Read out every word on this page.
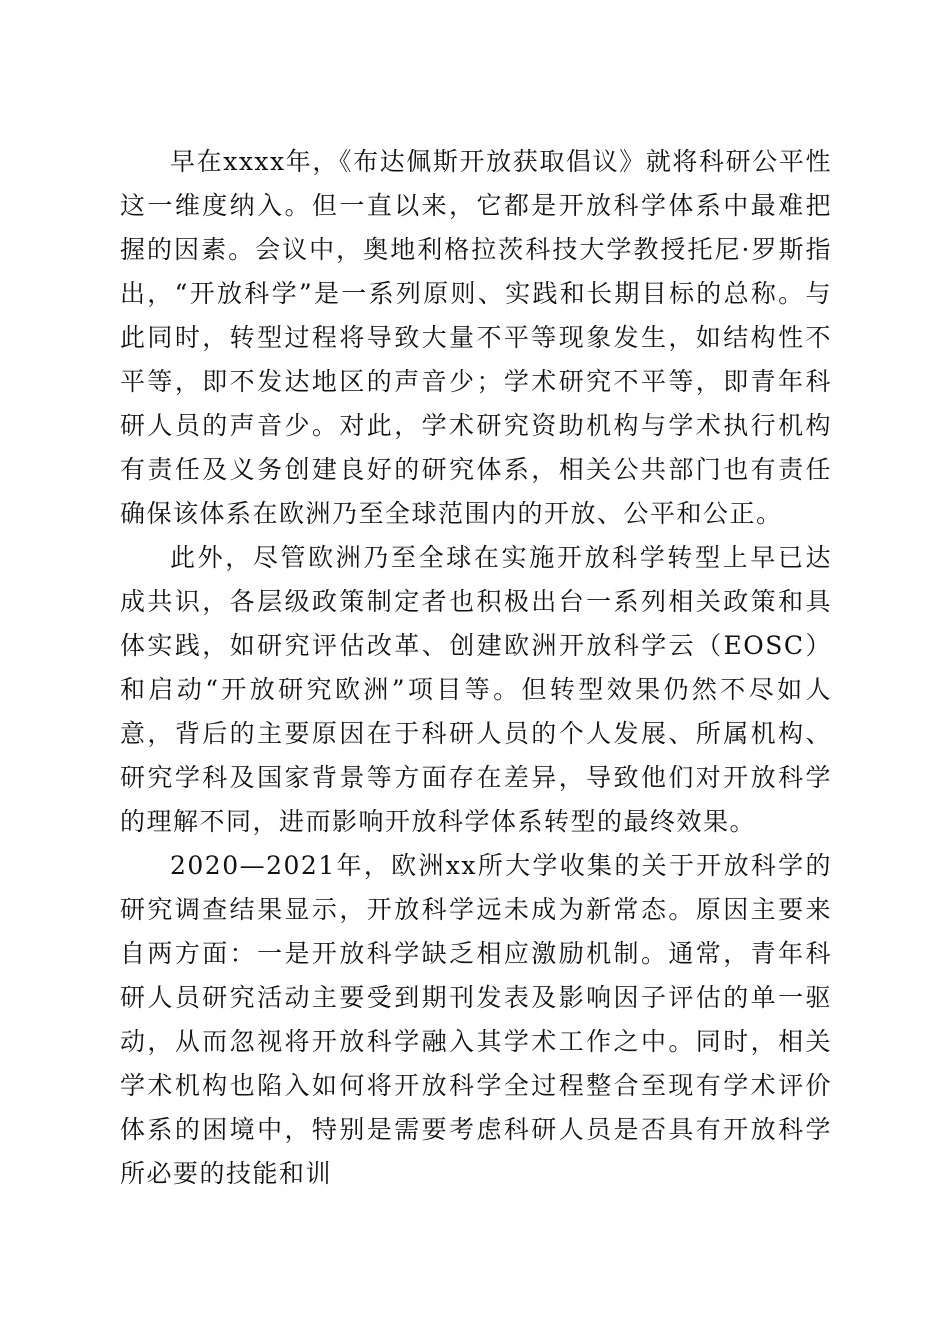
早在xxxx年，《布达佩斯开放获取倡议》就将科研公平性这一维度纳入。但一直以来，它都是开放科学体系中最难把握的因素。会议中，奥地利格拉茨科技大学教授托尼·罗斯指出，“开放科学”是一系列原则、实践和长期目标的总称。与此同时，转型过程将导致大量不平等现象发生，如结构性不平等，即不发达地区的声音少；学术研究不平等，即青年科研人员的声音少。对此，学术研究资助机构与学术执行机构有责任及义务创建良好的研究体系，相关公共部门也有责任确保该体系在欧洲乃至全球范围内的开放、公平和公正。

此外，尽管欧洲乃至全球在实施开放科学转型上早已达成共识，各层级政策制定者也积极出台一系列相关政策和具体实践，如研究评估改革、创建欧洲开放科学云（EOSC）和启动“开放研究欧洲”项目等。但转型效果仍然不尽如人意，背后的主要原因在于科研人员的个人发展、所属机构、研究学科及国家背景等方面存在差异，导致他们对开放科学的理解不同，进而影响开放科学体系转型的最终效果。

2020—2021年，欧洲xx所大学收集的关于开放科学的研究调查结果显示，开放科学远未成为新常态。原因主要来自两方面：一是开放科学缺乏相应激励机制。通常，青年科研人员研究活动主要受到期刊发表及影响因子评估的单一驱动，从而忽视将开放科学融入其学术工作之中。同时，相关学术机构也陷入如何将开放科学全过程整合至现有学术评价体系的困境中，特别是需要考虑科研人员是否具有开放科学所必要的技能和训
